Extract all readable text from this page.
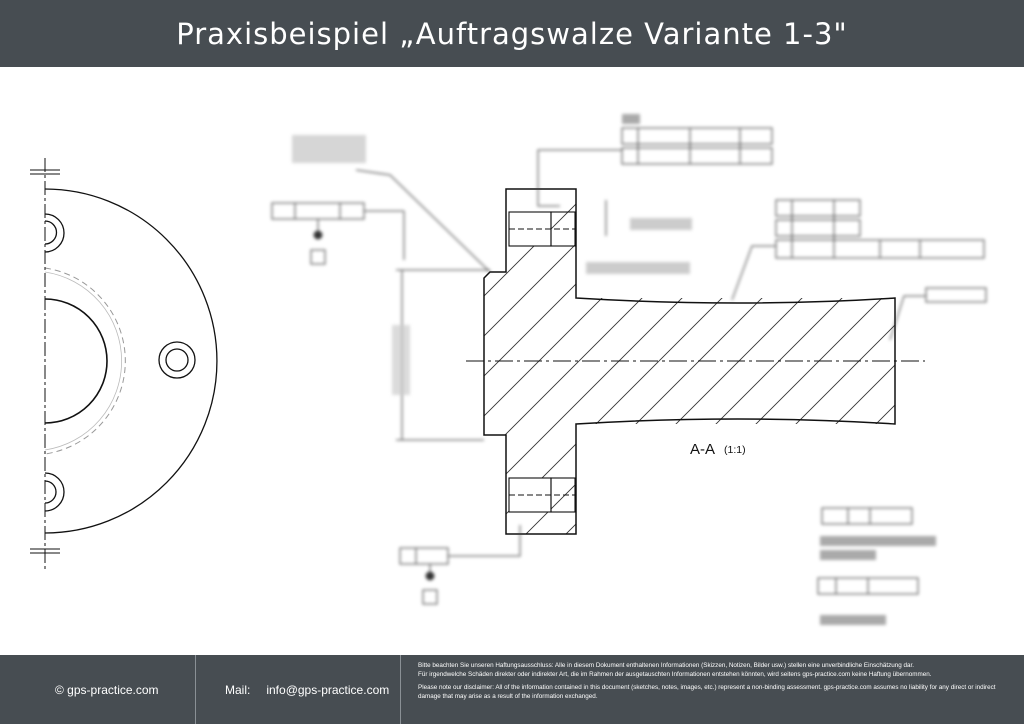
Praxisbeispiel „Auftragswalze Variante 1-3"
A-A (1:1)
© gps-practice.com	Mail: info@gps-practice.com

Bitte beachten Sie unseren Haftungsausschluss: Alle in diesem Dokument enthaltenen Informationen (Skizzen, Notizen, Bilder usw.) stellen eine unverbindliche Einschätzung dar.
Für irgendwelche Schäden direkter oder indirekter Art, die im Rahmen der ausgetauschten Informationen entstehen könnten, wird seitens gps-practice.com keine Haftung übernommen.

Please note our disclaimer: All of the information contained in this document (sketches, notes, images, etc.) represent a non-binding assessment. gps-practice.com assumes no liability for any direct or indirect damage that may arise as a result of the information exchanged.
